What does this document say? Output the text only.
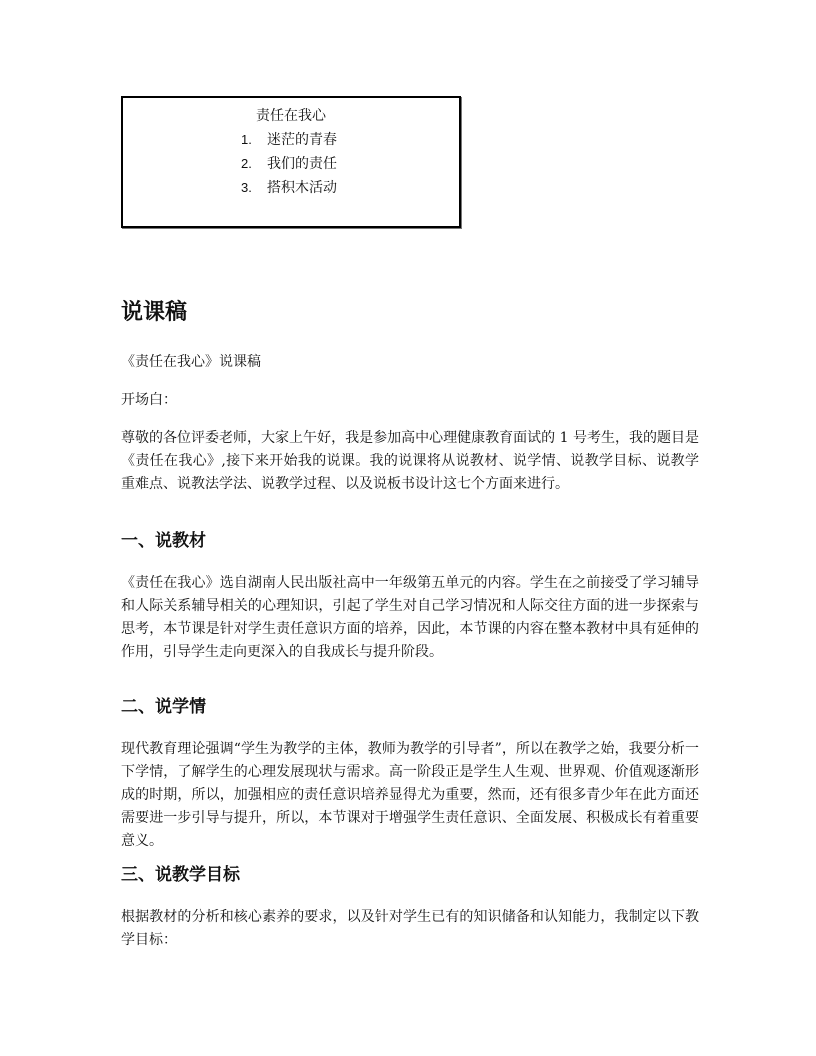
责任在我心
1.	迷茫的青春
2.	我们的责任
3.	搭积木活动
说课稿

《责任在我心》说课稿

开场白：

尊敬的各位评委老师，大家上午好，我是参加高中心理健康教育面试的 1 号考生，我的题目是《责任在我心》,接下来开始我的说课。我的说课将从说教材、说学情、说教学目标、说教学重难点、说教法学法、说教学过程、以及说板书设计这七个方面来进行。

一、说教材

《责任在我心》选自湖南人民出版社高中一年级第五单元的内容。学生在之前接受了学习辅导和人际关系辅导相关的心理知识，引起了学生对自己学习情况和人际交往方面的进一步探索与思考，本节课是针对学生责任意识方面的培养，因此，本节课的内容在整本教材中具有延伸的作用，引导学生走向更深入的自我成长与提升阶段。

二、说学情

现代教育理论强调“学生为教学的主体，教师为教学的引导者”，所以在教学之始，我要分析一下学情，了解学生的心理发展现状与需求。高一阶段正是学生人生观、世界观、价值观逐渐形成的时期，所以，加强相应的责任意识培养显得尤为重要，然而，还有很多青少年在此方面还需要进一步引导与提升，所以，本节课对于增强学生责任意识、全面发展、积极成长有着重要意义。

三、说教学目标

根据教材的分析和核心素养的要求，以及针对学生已有的知识储备和认知能力，我制定以下教学目标：
